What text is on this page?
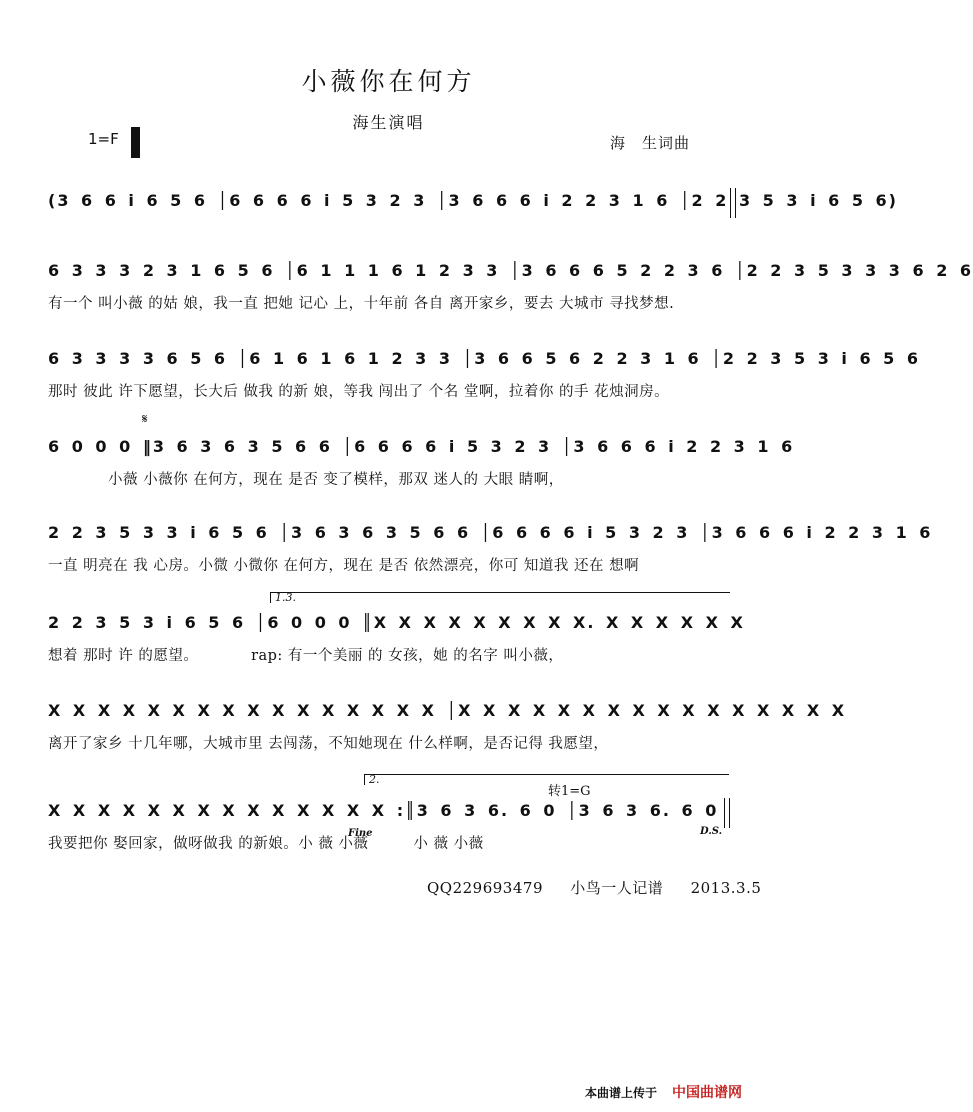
小薇你在何方
海生演唱
1=F	海　生词曲
(3 6 6 i 6 5 6 │6 6 6 6 i 5 3 2 3 │3 6 6 6 i 2 2 3 1 6 │2 2 3 5 3 i 6 5 6)
6 3 3 3 2 3 1 6 5 6 │6 1 1 1 6 1 2 3 3 │3 6 6 6 5 2 2 3 6 │2 2 3 5 3 3 3 6 2 6
有一个 叫小薇 的姑 娘，我一直 把她 记心 上，十年前 各自 离开家乡，要去 大城市 寻找梦想.
6 3 3 3 3 6 5 6 │6 1 6 1 6 1 2 3 3 │3 6 6 5 6 2 2 3 1 6 │2 2 3 5 3 i 6 5 6
那时 彼此 许下愿望，长大后 做我 的新 娘，等我 闯出了 个名 堂啊，拉着你 的手 花烛洞房。
𝄋
6 0 0 0 ‖3 6 3 6 3 5 6 6 │6 6 6 6 i 5 3 2 3 │3 6 6 6 i 2 2 3 1 6
　　　　小薇 小薇你 在何方，现在 是否 变了模样，那双 迷人的 大眼 睛啊，
2 2 3 5 3 3 i 6 5 6 │3 6 3 6 3 5 6 6 │6 6 6 6 i 5 3 2 3 │3 6 6 6 i 2 2 3 1 6
一直 明亮在 我 心房。小微 小微你 在何方，现在 是否 依然漂亮，你可 知道我 还在 想啊
1.3.
2 2 3 5 3 i 6 5 6 │6 0 0 0 ║X X X X X X X X X. X X X X X X
想着 那时 许 的愿望。　　　　rap: 有一个美丽 的 女孩，她 的名字 叫小薇，
X X X X X X X X X X X X X X X X │X X X X X X X X X X X X X X X X
离开了家乡 十几年哪，大城市里 去闯荡，不知她现在 什么样啊，是否记得 我愿望，
2.
转1=G
X X X X X X X X X X X X X X :║3 6 3 6. 6 0 │3 6 3 6. 6 0
我要把你 娶回家，做呀做我 的新娘。小 薇 小薇　　　小 薇 小薇
Fine	D.S.
QQ229693479 小鸟一人记谱 2013.3.5
本曲谱上传于 中国曲谱网
